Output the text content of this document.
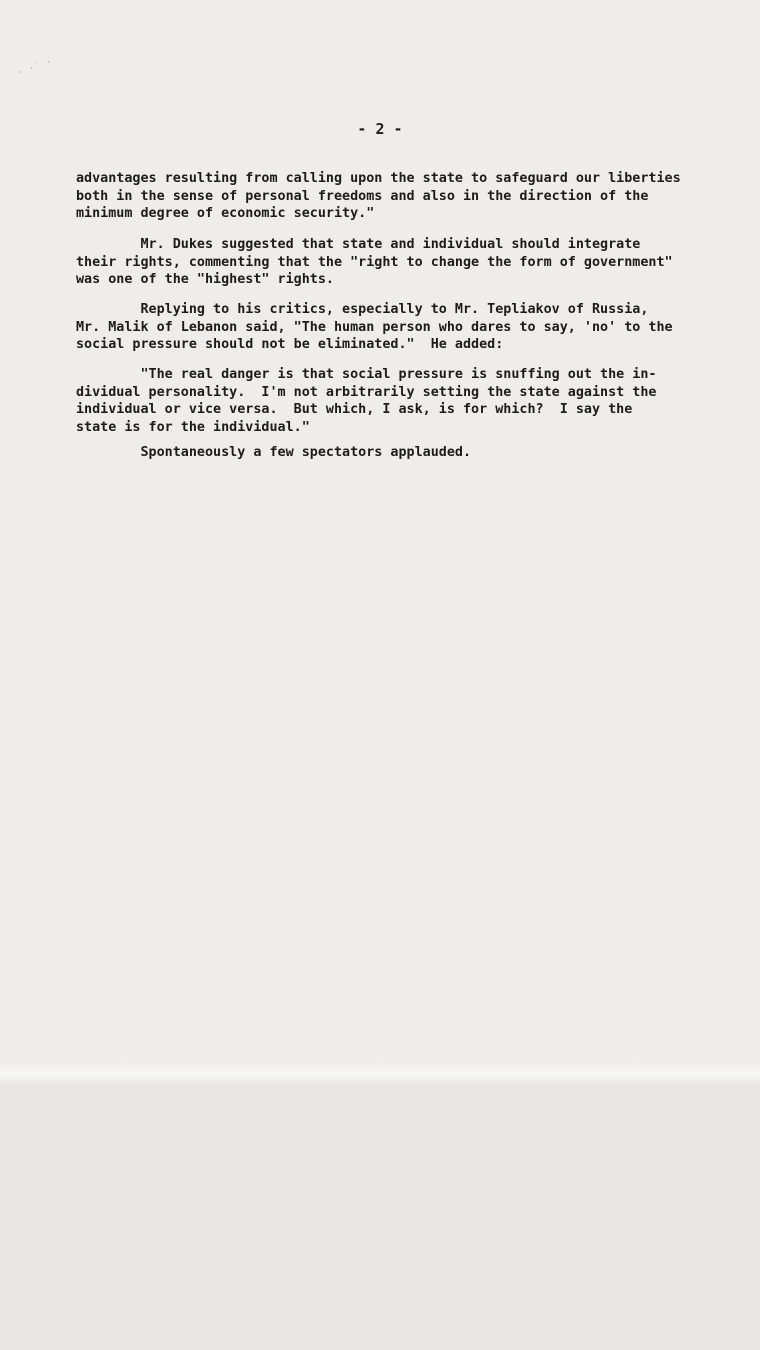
· ·ˊ ·
- 2 -

advantages resulting from calling upon the state to safeguard our liberties
both in the sense of personal freedoms and also in the direction of the
minimum degree of economic security."

Mr. Dukes suggested that state and individual should integrate
their rights, commenting that the "right to change the form of government"
was one of the "highest" rights.

Replying to his critics, especially to Mr. Tepliakov of Russia,
Mr. Malik of Lebanon said, "The human person who dares to say, 'no' to the
social pressure should not be eliminated."  He added:

"The real danger is that social pressure is snuffing out the in-
dividual personality.  I'm not arbitrarily setting the state against the
individual or vice versa.  But which, I ask, is for which?  I say the
state is for the individual."

Spontaneously a few spectators applauded.
